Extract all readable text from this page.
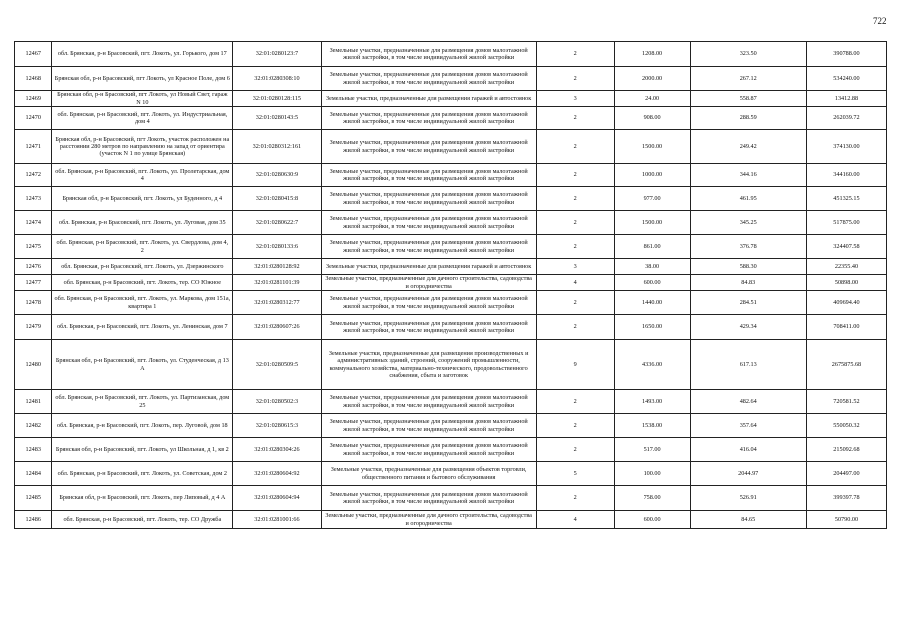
722
12467	обл. Брянская, р-н Брасовский, пгт. Локоть, ул. Горького, дом 17	32:01:0280123:7	Земельные участки, предназначенные для размещения домов малоэтажной жилой застройки, в том числе индивидуальной жилой застройки	2	1208.00	323.50	390788.00
12468	Брянская обл, р-н Брасовский, пгт Локоть, ул Красное Поле, дом 6	32:01:0280308:10	Земельные участки, предназначенные для размещения домов малоэтажной жилой застройки, в том числе индивидуальной жилой застройки	2	2000.00	267.12	534240.00
12469	Брянская обл, р-н Брасовский, пгт Локоть, ул Новый Свет, гараж N 10	32:01:0280128:115	Земельные участки, предназначенные для размещения гаражей и автостоянок	3	24.00	558.87	13412.88
12470	обл. Брянская, р-н Брасовский, пгт. Локоть, ул. Индустриальная, дом 4	32:01:0280143:5	Земельные участки, предназначенные для размещения домов малоэтажной жилой застройки, в том числе индивидуальной жилой застройки	2	908.00	288.59	262039.72
12471	Брянская обл, р-н Брасовский, пгт Локоть, участок расположен на расстоянии 280 метров по направлению на запад от ориентира (участок N 1 по улице Брянская)	32:01:0280312:161	Земельные участки, предназначенные для размещения домов малоэтажной жилой застройки, в том числе индивидуальной жилой застройки	2	1500.00	249.42	374130.00
12472	обл. Брянская, р-н Брасовский, пгт. Локоть, ул. Пролетарская, дом 4	32:01:0280630:9	Земельные участки, предназначенные для размещения домов малоэтажной жилой застройки, в том числе индивидуальной жилой застройки	2	1000.00	344.16	344160.00
12473	Брянская обл, р-н Брасовский, пгт. Локоть, ул Буденного, д 4	32:01:0280415:8	Земельные участки, предназначенные для размещения домов малоэтажной жилой застройки, в том числе индивидуальной жилой застройки	2	977.00	461.95	451325.15
12474	обл. Брянская, р-н Брасовский, пгт. Локоть, ул. Луговая, дом 35	32:01:0280622:7	Земельные участки, предназначенные для размещения домов малоэтажной жилой застройки, в том числе индивидуальной жилой застройки	2	1500.00	345.25	517875.00
12475	обл. Брянская, р-н Брасовский, пгт. Локоть, ул. Свердлова, дом 4, 2	32:01:0280133:6	Земельные участки, предназначенные для размещения домов малоэтажной жилой застройки, в том числе индивидуальной жилой застройки	2	861.00	376.78	324407.58
12476	обл. Брянская, р-н Брасовский, пгт. Локоть, ул. Дзержинского	32:01:0280128:92	Земельные участки, предназначенные для размещения гаражей и автостоянок	3	38.00	588.30	22355.40
12477	обл. Брянская, р-н Брасовский, пгт. Локоть, тер. СО Южное	32:01:0281101:39	Земельные участки, предназначенные для дачного строительства, садоводства и огородничества	4	600.00	84.83	50898.00
12478	обл. Брянская, р-н Брасовский, пгт. Локоть, ул. Маркова, дом 151а, квартира 1	32:01:0280312:77	Земельные участки, предназначенные для размещения домов малоэтажной жилой застройки, в том числе индивидуальной жилой застройки	2	1440.00	284.51	409694.40
12479	обл. Брянская, р-н Брасовский, пгт. Локоть, ул. Ленинская, дом 7	32:01:0280607:26	Земельные участки, предназначенные для размещения домов малоэтажной жилой застройки, в том числе индивидуальной жилой застройки	2	1650.00	429.34	708411.00
12480	Брянская обл, р-н Брасовский, пгт. Локоть, ул. Студенческая, д 13 А	32:01:0280509:5	Земельные участки, предназначенные для размещения производственных и административных зданий, строений, сооружений промышленности, коммунального хозяйства, материально-технического, продовольственного снабжения, сбыта и заготовок	9	4336.00	617.13	2675875.68
12481	обл. Брянская, р-н Брасовский, пгт. Локоть, ул. Партизанская, дом 25	32:01:0280502:3	Земельные участки, предназначенные для размещения домов малоэтажной жилой застройки, в том числе индивидуальной жилой застройки	2	1493.00	482.64	720581.52
12482	обл. Брянская, р-н Брасовский, пгт. Локоть, пер. Луговой, дом 18	32:01:0280615:3	Земельные участки, предназначенные для размещения домов малоэтажной жилой застройки, в том числе индивидуальной жилой застройки	2	1538.00	357.64	550050.32
12483	Брянская обл, р-н Брасовский, пгт. Локоть, ул Школьная, д 1, кв 2	32:01:0280304:26	Земельные участки, предназначенные для размещения домов малоэтажной жилой застройки, в том числе индивидуальной жилой застройки	2	517.00	416.04	215092.68
12484	обл. Брянская, р-н Брасовский, пгт. Локоть, ул. Советская, дом 2	32:01:0280604:92	Земельные участки, предназначенные для размещения объектов торговли, общественного питания и бытового обслуживания	5	100.00	2044.97	204497.00
12485	Брянская обл, р-н Брасовский, пгт. Локоть, пер Липовый, д 4 А	32:01:0280604:94	Земельные участки, предназначенные для размещения домов малоэтажной жилой застройки, в том числе индивидуальной жилой застройки	2	758.00	526.91	399397.78
12486	обл. Брянская, р-н Брасовский, пгт. Локоть, тер. СО Дружба	32:01:0281001:66	Земельные участки, предназначенные для дачного строительства, садоводства и огородничества	4	600.00	84.65	50790.00
